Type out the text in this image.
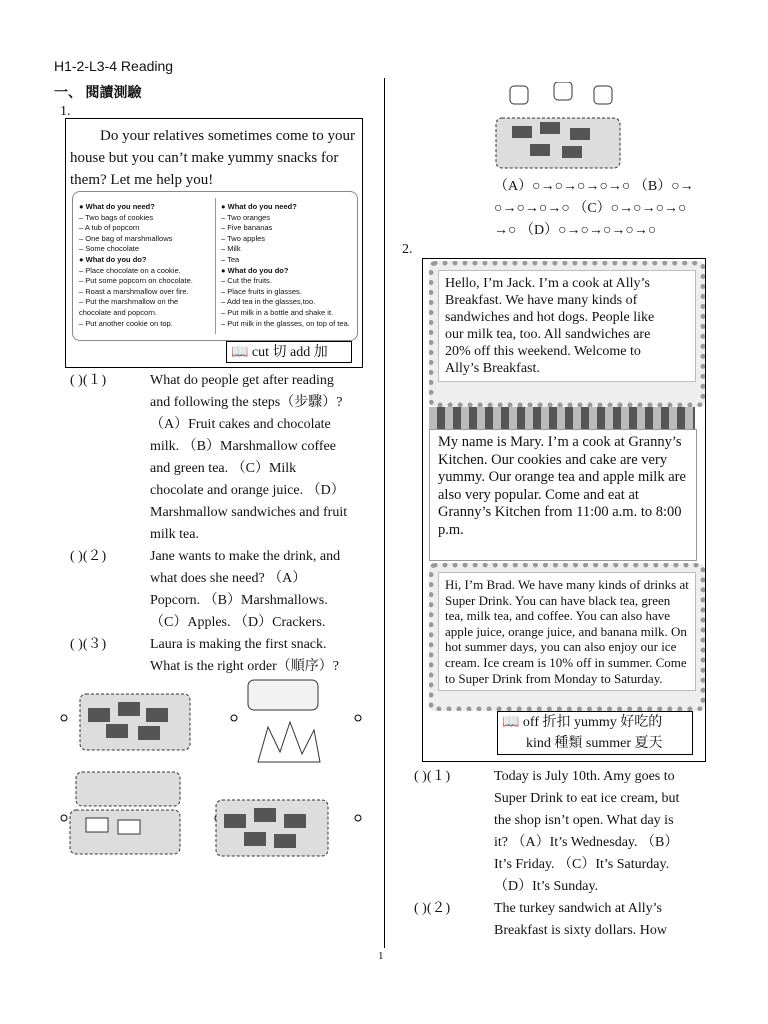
H1-2-L3-4 Reading
一、 閱讀測驗
1.
Do your relatives sometimes come to your house but you can’t make yummy snacks for them? Let me help you!
● What do you need?
– Two bags of cookies
– A tub of popcorn
– One bag of marshmallows
– Some chocolate
● What do you do?
– Place chocolate on a cookie.
– Put some popcorn on chocolate.
– Roast a marshmallow over fire.
– Put the marshmallow on the
chocolate and popcorn.
– Put another cookie on top.
● What do you need?
– Two oranges
– Five bananas
– Two apples
– Milk
– Tea
● What do you do?
– Cut the fruits.
– Place fruits in glasses.
– Add tea in the glasses,too.
– Put milk in a bottle and shake it.
– Put milk in the glasses, on top of tea.
📖 cut 切 add 加
( )(１)	What do people get after reading
and following the steps（步驟）?
（A）Fruit cakes and chocolate
milk. （B）Marshmallow coffee
and green tea. （C）Milk
chocolate and orange juice. （D）
Marshmallow sandwiches and fruit
milk tea.
( )(２)	Jane wants to make the drink, and
what does she need? （A）
Popcorn. （B）Marshmallows.
（C）Apples. （D）Crackers.
( )(３)	Laura is making the first snack.
What is the right order（順序）?
（A）○→○→○→○→○ （B）○→
○→○→○→○ （C）○→○→○→○
→○ （D）○→○→○→○→○
2.
Hello, I’m Jack. I’m a cook at Ally’s Breakfast. We have many kinds of sandwiches and hot dogs. People like our milk tea, too. All sandwiches are 20% off this weekend. Welcome to Ally’s Breakfast.
My name is Mary. I’m a cook at Granny’s Kitchen. Our cookies and cake are very yummy. Our orange tea and apple milk are also very popular. Come and eat at Granny’s Kitchen from 11:00 a.m. to 8:00 p.m.
Hi, I’m Brad. We have many kinds of drinks at Super Drink. You can have black tea, green tea, milk tea, and coffee. You can also have apple juice, orange juice, and banana milk. On hot summer days, you can also enjoy our ice cream. Ice cream is 10% off in summer. Come to Super Drink from Monday to Saturday.
📖 off 折扣 yummy 好吃的
kind 種類 summer 夏天
( )(１)	Today is July 10th. Amy goes to
Super Drink to eat ice cream, but
the shop isn’t open. What day is
it? （A）It’s Wednesday. （B）
It’s Friday. （C）It’s Saturday.
（D）It’s Sunday.
( )(２)	The turkey sandwich at Ally’s
Breakfast is sixty dollars. How
1
